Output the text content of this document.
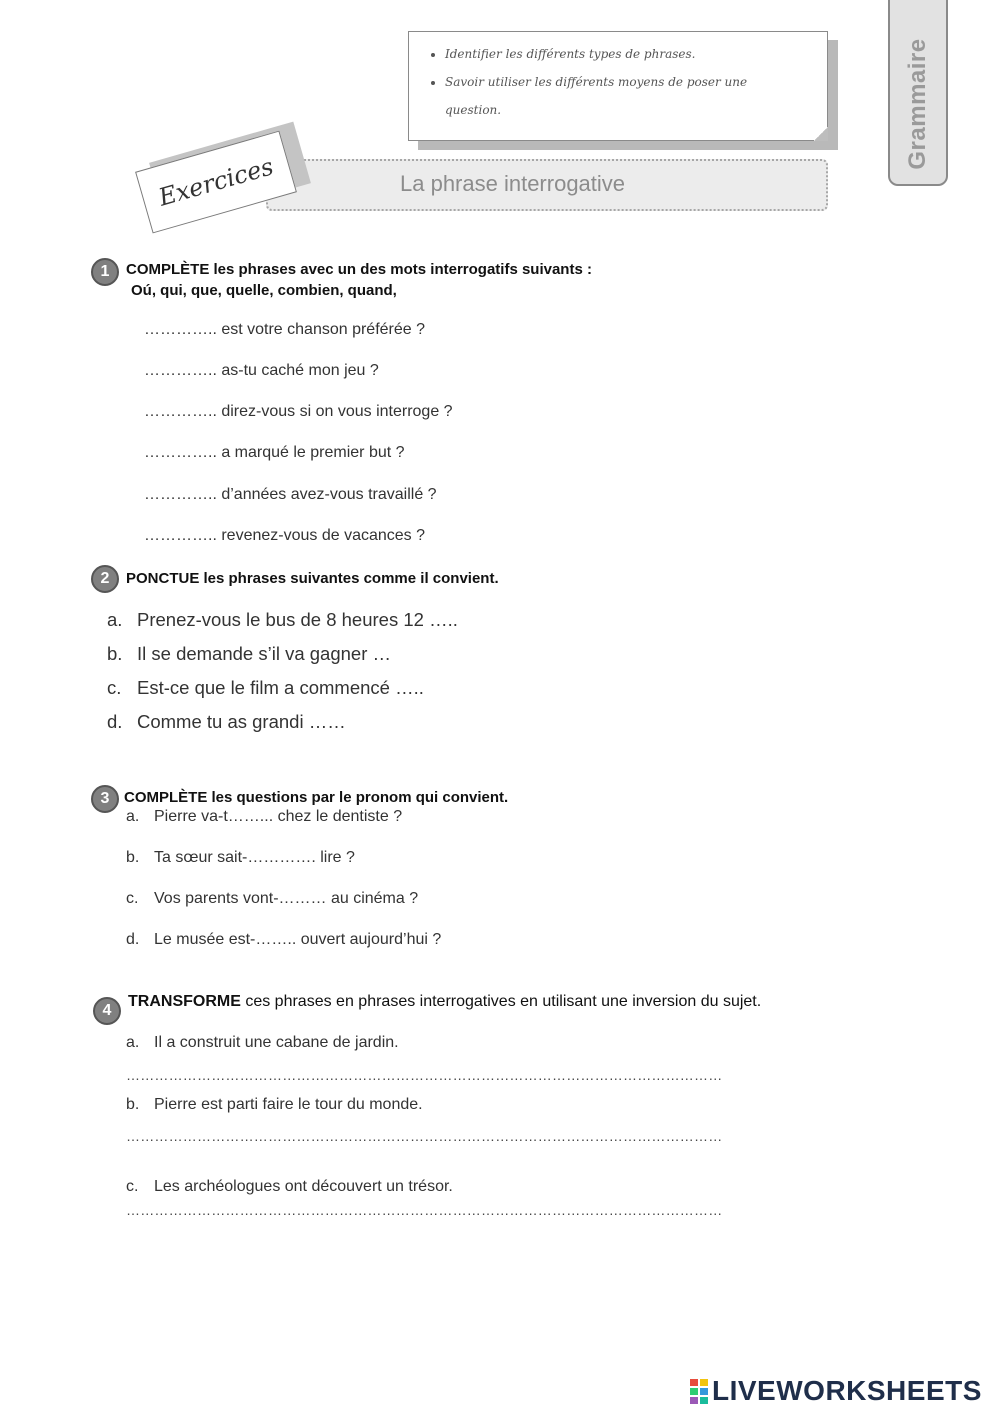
• Identifier les différents types de phrases.
• Savoir utiliser les différents moyens de poser une question.	Grammaire
La phrase interrogative
Exercices
1 COMPLÈTE les phrases avec un des mots interrogatifs suivants :
Oú, qui, que, quelle, combien, quand,
………….. est votre chanson préférée ?
………….. as-tu caché mon jeu ?
………….. direz-vous si on vous interroge ?
………….. a marqué le premier but ?
………….. d’années avez-vous travaillé ?
………….. revenez-vous de vacances ?
2 PONCTUE les phrases suivantes comme il convient.
a. Prenez-vous le bus de 8 heures 12 …..
b. Il se demande s’il va gagner …
c. Est-ce que le film a commencé …..
d. Comme tu as grandi ……
3 COMPLÈTE les questions par le pronom qui convient.
a. Pierre va-t……... chez le dentiste ?
b. Ta sœur sait-…………. lire ?
c. Vos parents vont-……… au cinéma ?
d. Le musée est-…….. ouvert aujourd’hui ?
4
TRANSFORME ces phrases en phrases interrogatives en utilisant une inversion du sujet.
a. Il a construit une cabane de jardin.
………………………………………………………………………………………………………………
b. Pierre est parti faire le tour du monde.
………………………………………………………………………………………………………………
c. Les archéologues ont découvert un trésor.
………………………………………………………………………………………………………………
LIVEWORKSHEETS
